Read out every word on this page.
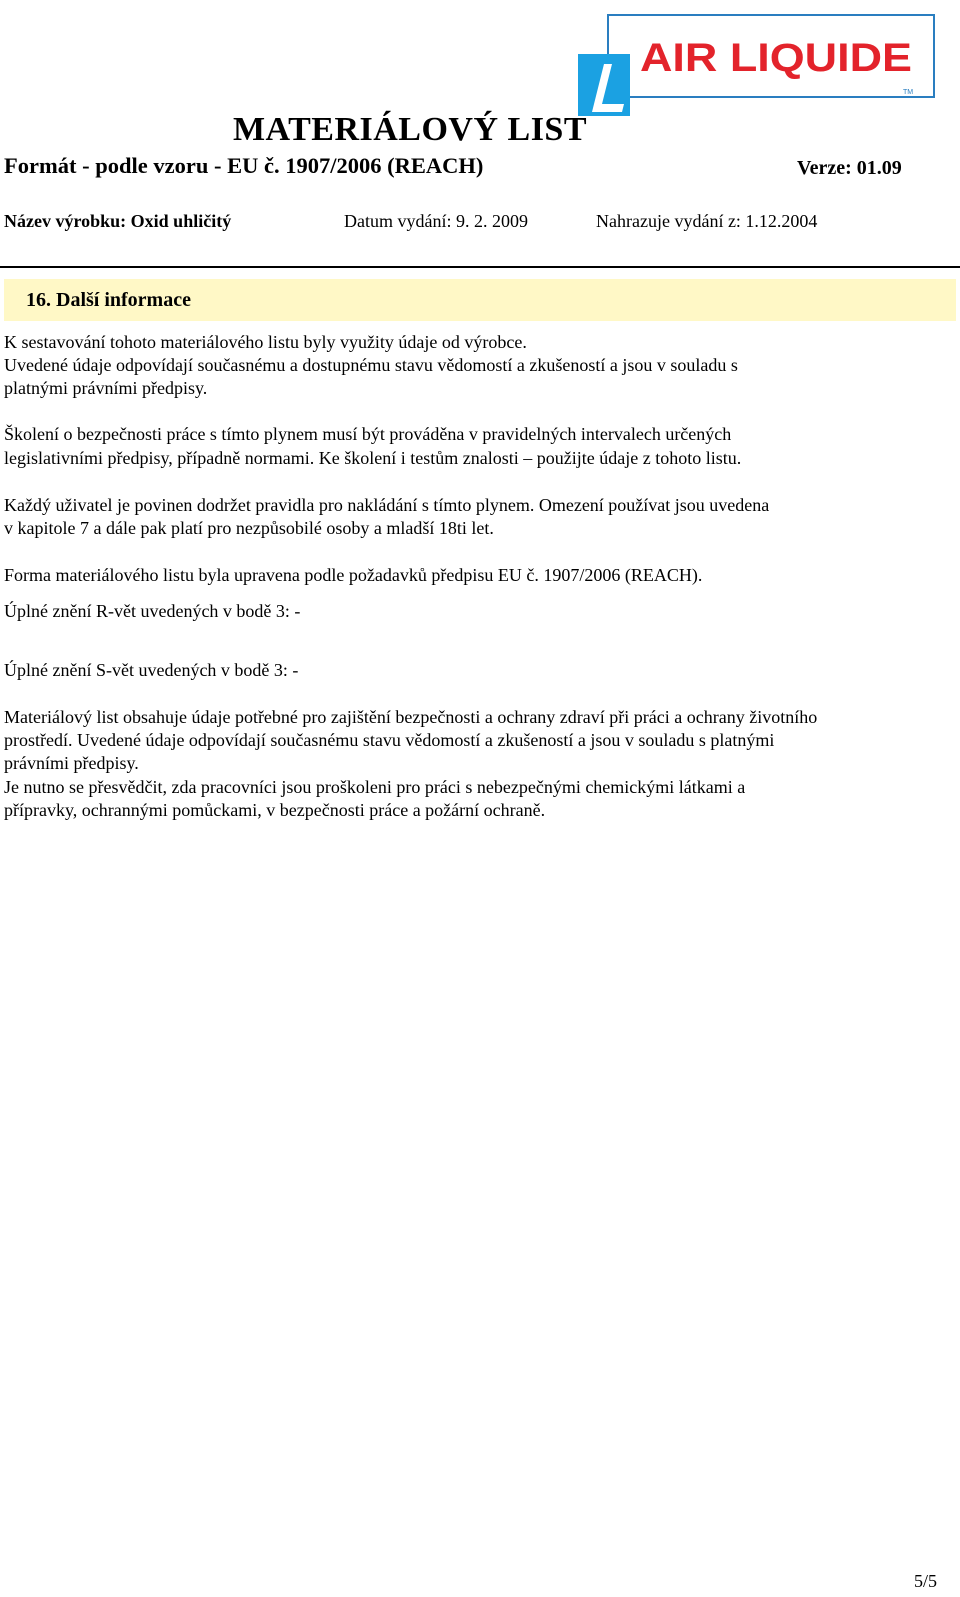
AIR LIQUIDE
TM
MATERIÁLOVÝ LIST
Formát - podle vzoru - EU č. 1907/2006 (REACH)	Verze: 01.09
Název výrobku: Oxid uhličitý	Datum vydání: 9. 2. 2009	Nahrazuje vydání z: 1.12.2004
16. Další informace
K sestavování tohoto materiálového listu byly využity údaje od výrobce.
Uvedené údaje odpovídají současnému a dostupnému stavu vědomostí a zkušeností a jsou v souladu s
platnými právními předpisy.
Školení o bezpečnosti práce s tímto plynem musí být prováděna v pravidelných intervalech určených
legislativními předpisy, případně normami. Ke školení i testům znalosti – použijte údaje z tohoto listu.
Každý uživatel je povinen dodržet pravidla pro nakládání s tímto plynem. Omezení používat jsou uvedena
v kapitole 7 a dále pak platí pro nezpůsobilé osoby a mladší 18ti let.
Forma materiálového listu byla upravena podle požadavků předpisu EU č. 1907/2006 (REACH).
Úplné znění R-vět uvedených v bodě 3: -
Úplné znění S-vět uvedených v bodě 3: -
Materiálový list obsahuje údaje potřebné pro zajištění bezpečnosti a ochrany zdraví při práci a ochrany životního
prostředí. Uvedené údaje odpovídají současnému stavu vědomostí a zkušeností a jsou v souladu s platnými
právními předpisy.
Je nutno se přesvědčit, zda pracovníci jsou proškoleni pro práci s nebezpečnými chemickými látkami a
přípravky, ochrannými pomůckami, v bezpečnosti práce a požární ochraně.
5/5
